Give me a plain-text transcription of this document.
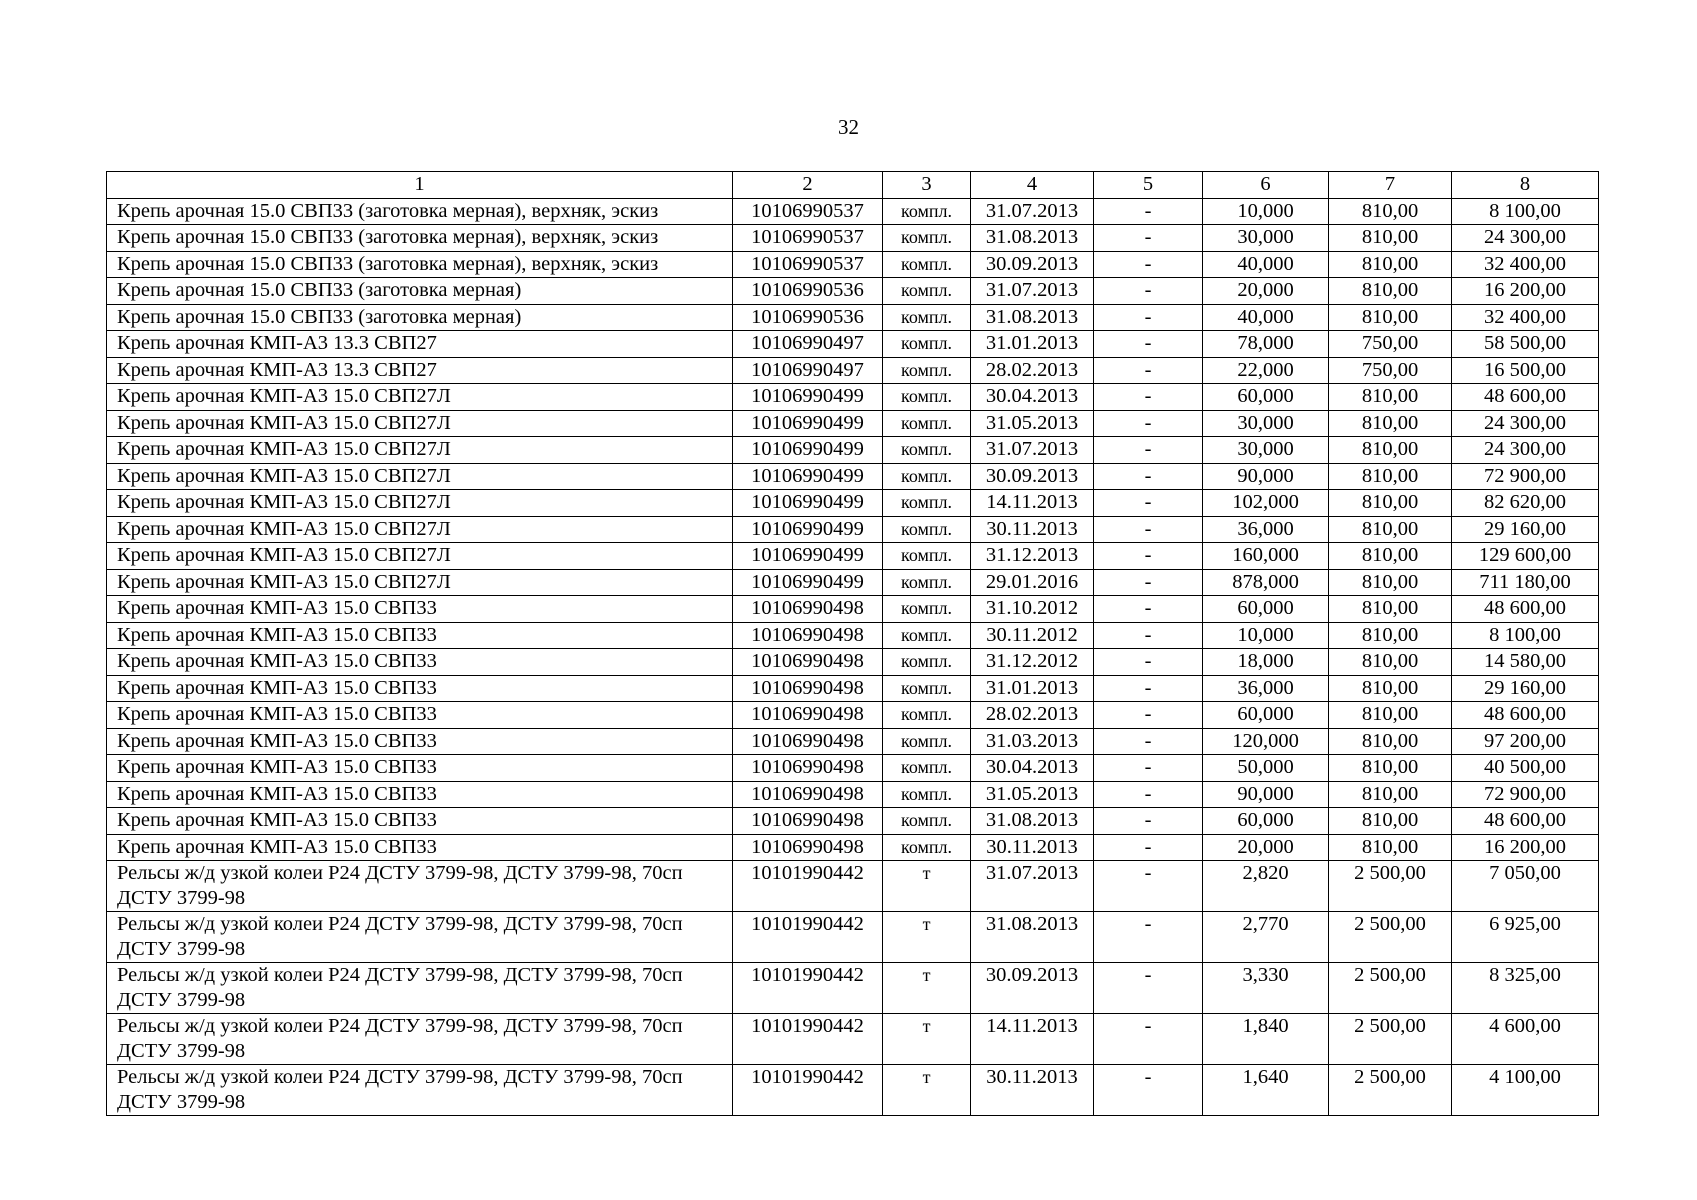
32
1	2	3	4	5	6	7	8
Крепь арочная 15.0 СВП33 (заготовка мерная), верхняк, эскиз	10106990537	компл.	31.07.2013	-	10,000	810,00	8 100,00
Крепь арочная 15.0 СВП33 (заготовка мерная), верхняк, эскиз	10106990537	компл.	31.08.2013	-	30,000	810,00	24 300,00
Крепь арочная 15.0 СВП33 (заготовка мерная), верхняк, эскиз	10106990537	компл.	30.09.2013	-	40,000	810,00	32 400,00
Крепь арочная 15.0 СВП33 (заготовка мерная)	10106990536	компл.	31.07.2013	-	20,000	810,00	16 200,00
Крепь арочная 15.0 СВП33 (заготовка мерная)	10106990536	компл.	31.08.2013	-	40,000	810,00	32 400,00
Крепь арочная КМП-А3 13.3 СВП27	10106990497	компл.	31.01.2013	-	78,000	750,00	58 500,00
Крепь арочная КМП-А3 13.3 СВП27	10106990497	компл.	28.02.2013	-	22,000	750,00	16 500,00
Крепь арочная КМП-А3 15.0 СВП27Л	10106990499	компл.	30.04.2013	-	60,000	810,00	48 600,00
Крепь арочная КМП-А3 15.0 СВП27Л	10106990499	компл.	31.05.2013	-	30,000	810,00	24 300,00
Крепь арочная КМП-А3 15.0 СВП27Л	10106990499	компл.	31.07.2013	-	30,000	810,00	24 300,00
Крепь арочная КМП-А3 15.0 СВП27Л	10106990499	компл.	30.09.2013	-	90,000	810,00	72 900,00
Крепь арочная КМП-А3 15.0 СВП27Л	10106990499	компл.	14.11.2013	-	102,000	810,00	82 620,00
Крепь арочная КМП-А3 15.0 СВП27Л	10106990499	компл.	30.11.2013	-	36,000	810,00	29 160,00
Крепь арочная КМП-А3 15.0 СВП27Л	10106990499	компл.	31.12.2013	-	160,000	810,00	129 600,00
Крепь арочная КМП-А3 15.0 СВП27Л	10106990499	компл.	29.01.2016	-	878,000	810,00	711 180,00
Крепь арочная КМП-А3 15.0 СВП33	10106990498	компл.	31.10.2012	-	60,000	810,00	48 600,00
Крепь арочная КМП-А3 15.0 СВП33	10106990498	компл.	30.11.2012	-	10,000	810,00	8 100,00
Крепь арочная КМП-А3 15.0 СВП33	10106990498	компл.	31.12.2012	-	18,000	810,00	14 580,00
Крепь арочная КМП-А3 15.0 СВП33	10106990498	компл.	31.01.2013	-	36,000	810,00	29 160,00
Крепь арочная КМП-А3 15.0 СВП33	10106990498	компл.	28.02.2013	-	60,000	810,00	48 600,00
Крепь арочная КМП-А3 15.0 СВП33	10106990498	компл.	31.03.2013	-	120,000	810,00	97 200,00
Крепь арочная КМП-А3 15.0 СВП33	10106990498	компл.	30.04.2013	-	50,000	810,00	40 500,00
Крепь арочная КМП-А3 15.0 СВП33	10106990498	компл.	31.05.2013	-	90,000	810,00	72 900,00
Крепь арочная КМП-А3 15.0 СВП33	10106990498	компл.	31.08.2013	-	60,000	810,00	48 600,00
Крепь арочная КМП-А3 15.0 СВП33	10106990498	компл.	30.11.2013	-	20,000	810,00	16 200,00
Рельсы ж/д узкой колеи Р24 ДСТУ 3799-98, ДСТУ 3799-98, 70сп ДСТУ 3799-98	10101990442	т	31.07.2013	-	2,820	2 500,00	7 050,00
Рельсы ж/д узкой колеи Р24 ДСТУ 3799-98, ДСТУ 3799-98, 70сп ДСТУ 3799-98	10101990442	т	31.08.2013	-	2,770	2 500,00	6 925,00
Рельсы ж/д узкой колеи Р24 ДСТУ 3799-98, ДСТУ 3799-98, 70сп ДСТУ 3799-98	10101990442	т	30.09.2013	-	3,330	2 500,00	8 325,00
Рельсы ж/д узкой колеи Р24 ДСТУ 3799-98, ДСТУ 3799-98, 70сп ДСТУ 3799-98	10101990442	т	14.11.2013	-	1,840	2 500,00	4 600,00
Рельсы ж/д узкой колеи Р24 ДСТУ 3799-98, ДСТУ 3799-98, 70сп ДСТУ 3799-98	10101990442	т	30.11.2013	-	1,640	2 500,00	4 100,00
